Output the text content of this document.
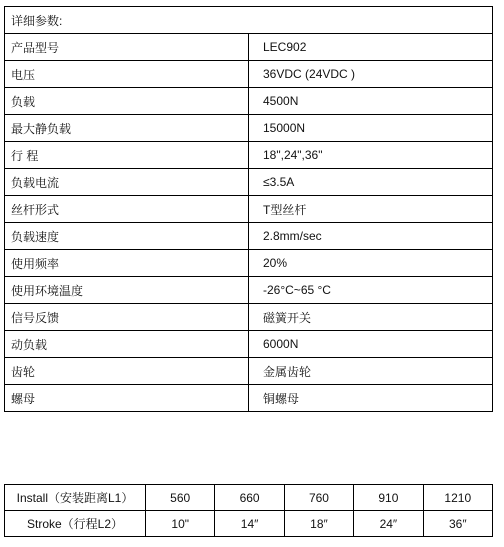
详细参数:	
产品型号	LEC902
电压	36VDC (24VDC )
负载	4500N
最大静负载	15000N
行 程	18",24",36"
负载电流	≤3.5A
丝杆形式	T型丝杆
负载速度	2.8mm/sec
使用频率	20%
使用环境温度	-26°C~65 °C
信号反馈	磁簧开关
动负载	6000N
齿轮	金属齿轮
螺母	铜螺母
Install（安装距离L1）	560	660	760	910	1210
Stroke（行程L2）	10"	14″	18″	24″	36″
